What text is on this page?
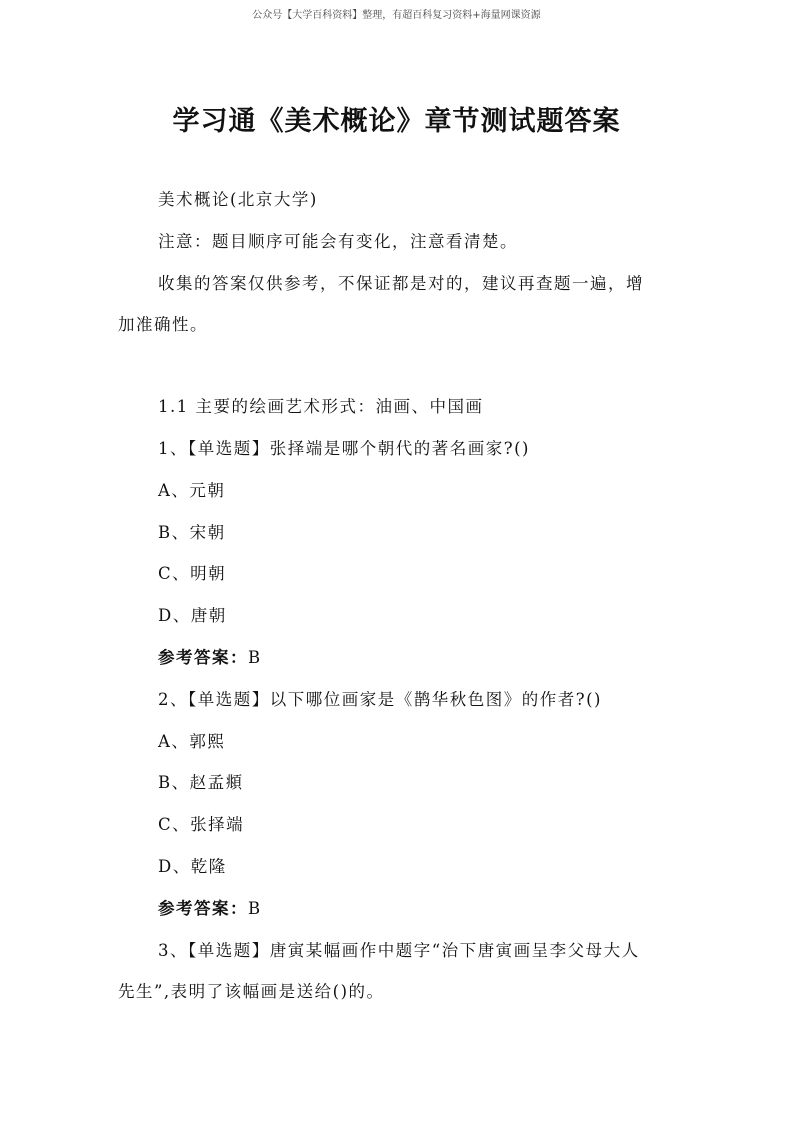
公众号【大学百科资料】整理，有超百科复习资料+海量网课资源
学习通《美术概论》章节测试题答案
美术概论(北京大学)
注意：题目顺序可能会有变化，注意看清楚。
收集的答案仅供参考，不保证都是对的，建议再查题一遍，增
加准确性。
1.1 主要的绘画艺术形式：油画、中国画
1、【单选题】张择端是哪个朝代的著名画家?()
A、元朝
B、宋朝
C、明朝
D、唐朝
参考答案：B
2、【单选题】以下哪位画家是《鹊华秋色图》的作者?()
A、郭熙
B、赵孟頫
C、张择端
D、乾隆
参考答案：B
3、【单选题】唐寅某幅画作中题字“治下唐寅画呈李父母大人
先生”,表明了该幅画是送给()的。
